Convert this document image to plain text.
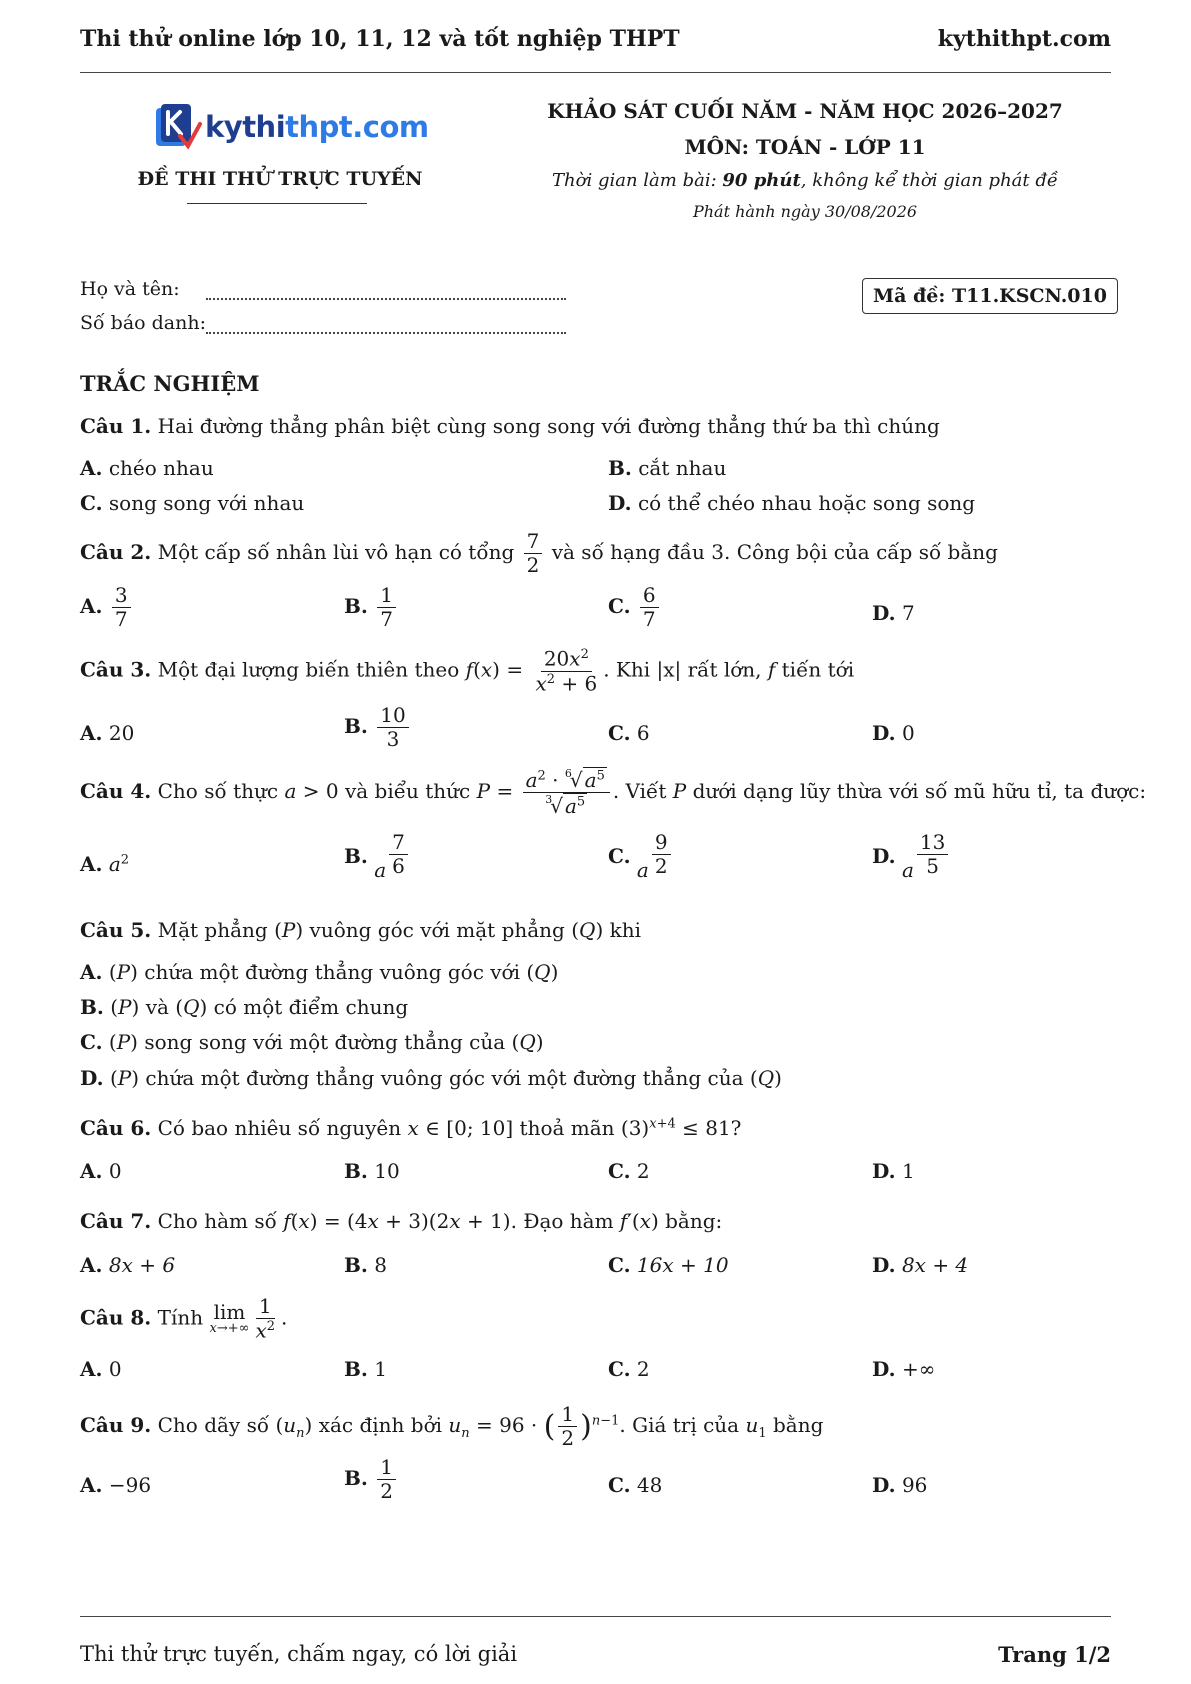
Thi thử online lớp 10, 11, 12 và tốt nghiệp THPT	kythithpt.com
kythithpt.com
ĐỀ THI THỬ TRỰC TUYẾN
KHẢO SÁT CUỐI NĂM - NĂM HỌC 2026–2027
MÔN: TOÁN - LỚP 11
Thời gian làm bài: 90 phút, không kể thời gian phát đề
Phát hành ngày 30/08/2026
Họ và tên:
Số báo danh:
Mã đề: T11.KSCN.010
TRẮC NGHIỆM
Câu 1. Hai đường thẳng phân biệt cùng song song với đường thẳng thứ ba thì chúng
A. chéo nhau	B. cắt nhau
C. song song với nhau	D. có thể chéo nhau hoặc song song
Câu 2. Một cấp số nhân lùi vô hạn có tổng $\frac{7}{2}$ và số hạng đầu 3. Công bội của cấp số bằng
A. $\frac{3}{7}$	B. $\frac{1}{7}$	C. $\frac{6}{7}$	D. 7
Câu 3. Một đại lượng biến thiên theo $f(x) = \frac{20x^2}{x^2 + 6}$ . Khi |x| rất lớn, f tiến tới
A. 20	B. $\frac{10}{3}$	C. 6	D. 0
Câu 4. Cho số thực a > 0 và biểu thức $P = \frac{a^2 \cdot ^6√ a^5}{^3√ a^5}$ . Viết P dưới dạng lũy thừa với số mũ hữu tỉ, ta được:
A. $a^2$	B. a $\frac{7}{6}$	C. a $\frac{9}{2}$	D. a $\frac{13}{5}$
Câu 5. Mặt phẳng (P) vuông góc với mặt phẳng (Q) khi
A. (P) chứa một đường thẳng vuông góc với (Q)
B. (P) và (Q) có một điểm chung
C. (P) song song với một đường thẳng của (Q)
D. (P) chứa một đường thẳng vuông góc với một đường thẳng của (Q)
Câu 6. Có bao nhiêu số nguyên x ∈ [0; 10] thoả mãn $(3)^{x+4} \le 81$?
A. 0	B. 10	C. 2	D. 1
Câu 7. Cho hàm số f(x) = (4x + 3)(2x + 1). Đạo hàm f′(x) bằng:
A. 8x + 6	B. 8	C. 16x + 10	D. 8x + 4
Câu 8. Tính lim
$x\to+\infty \frac{1}{x^2}$ .
A. 0	B. 1	C. 2	D. +∞
Câu 9. Cho dãy số $(u_n)$ xác định bởi $u_n = 96$ · ( $\frac{1}{2} )^{n-1}$. Giá trị của $u_1$ bằng
A. −96	B. $\frac{1}{2}$	C. 48	D. 96
Thi thử trực tuyến, chấm ngay, có lời giải	Trang 1/2
